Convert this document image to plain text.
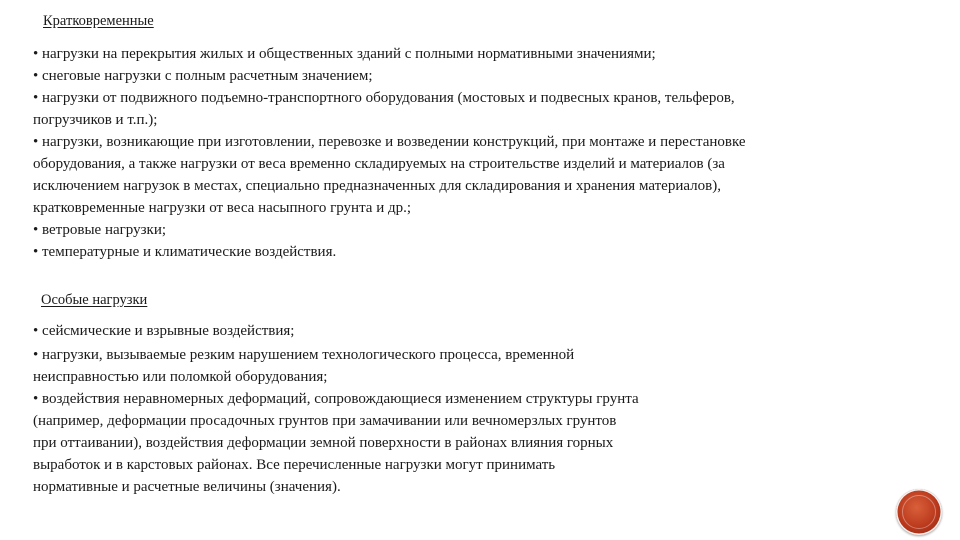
Кратковременные
• нагрузки на перекрытия жилых и общественных зданий с полными нормативными значениями;
• снеговые нагрузки с полным расчетным значением;
• нагрузки от подвижного подъемно-транспортного оборудования (мостовых и подвесных кранов, тельферов,
погрузчиков и т.п.);
• нагрузки, возникающие при изготовлении, перевозке и возведении конструкций, при монтаже и перестановке
оборудования, а также нагрузки от веса временно складируемых на строительстве изделий и материалов (за
исключением нагрузок в местах, специально предназначенных для складирования и хранения материалов),
кратковременные нагрузки от веса насыпного грунта и др.;
• ветровые нагрузки;
• температурные и климатические воздействия.
Особые нагрузки
• сейсмические и взрывные воздействия;
• нагрузки, вызываемые резким нарушением технологического процесса, временной
неисправностью или поломкой оборудования;
• воздействия неравномерных деформаций, сопровождающиеся изменением структуры грунта
(например, деформации просадочных грунтов при замачивании или вечномерзлых грунтов
при оттаивании), воздействия деформации земной поверхности в районах влияния горных
выработок и в карстовых районах. Все перечисленные нагрузки могут принимать
нормативные и расчетные величины (значения).
